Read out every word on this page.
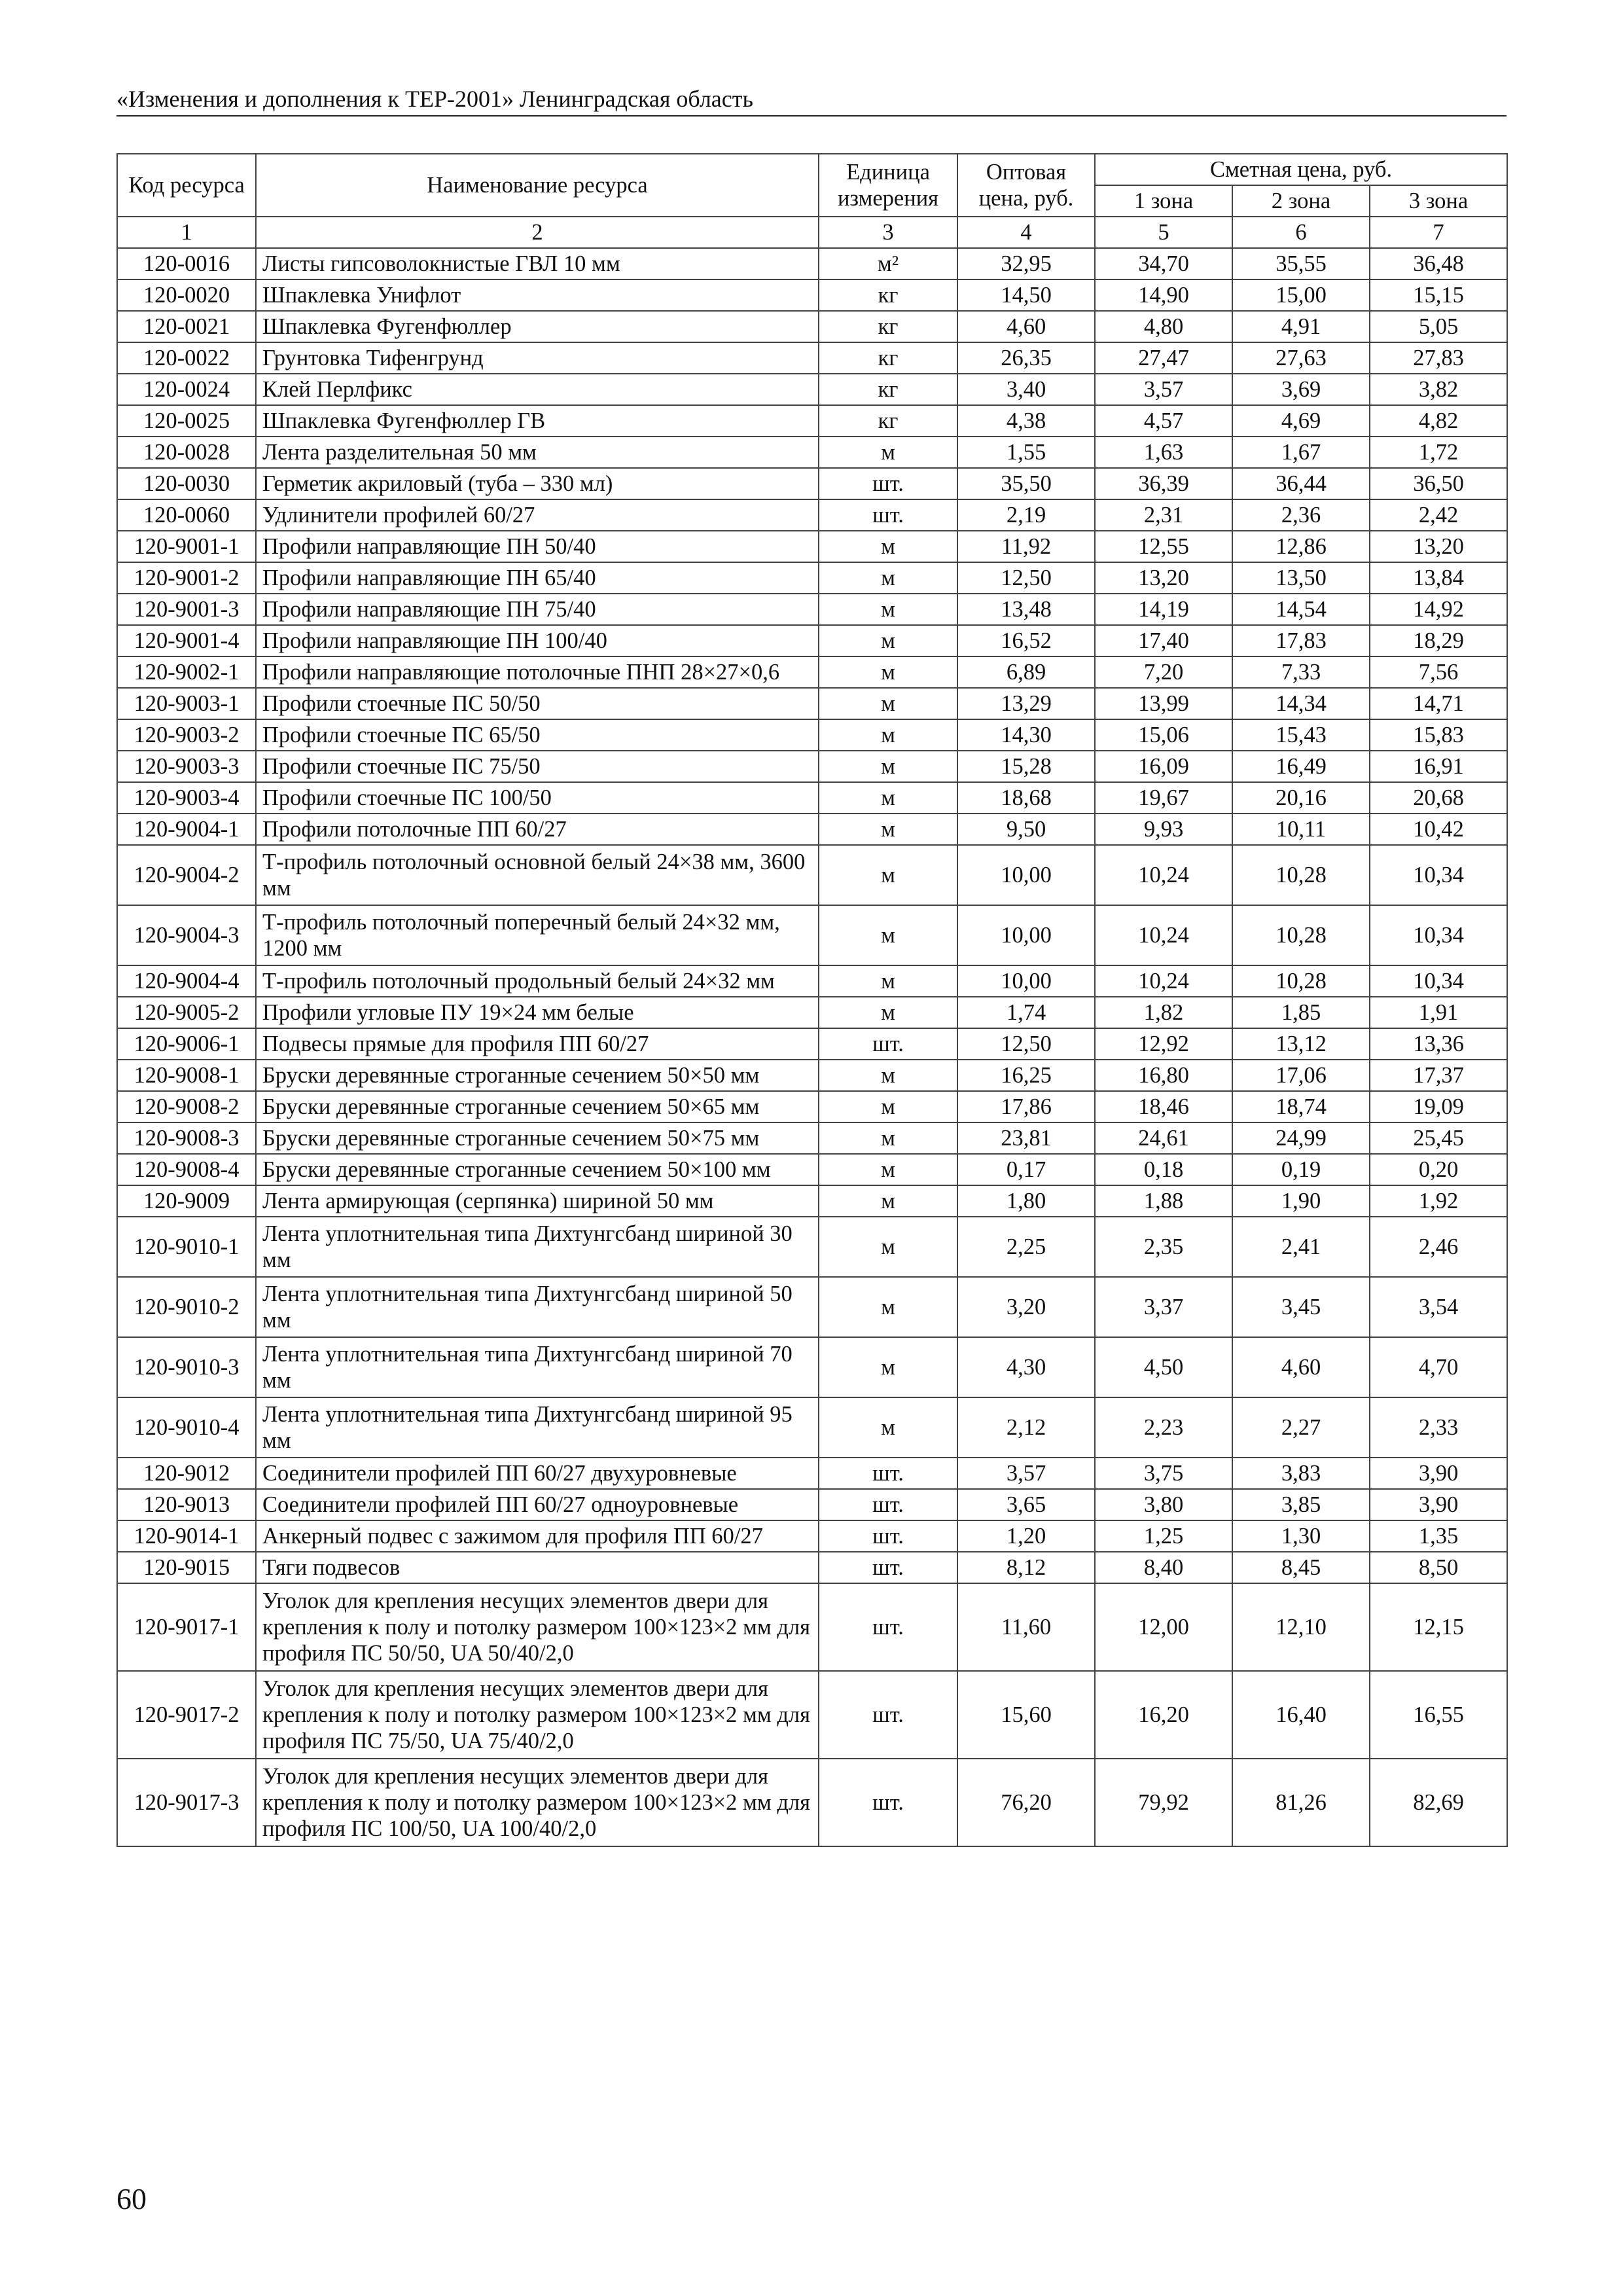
«Изменения и дополнения к ТЕР-2001» Ленинградская область
Код ресурса	Наименование ресурса	Единица измерения	Оптовая цена, руб.	Сметная цена, руб.		
				1 зона	2 зона	3 зона
1	2	3	4	5	6	7
120-0016	Листы гипсоволокнистые ГВЛ 10 мм	м²	32,95	34,70	35,55	36,48
120-0020	Шпаклевка Унифлот	кг	14,50	14,90	15,00	15,15
120-0021	Шпаклевка Фугенфюллер	кг	4,60	4,80	4,91	5,05
120-0022	Грунтовка Тифенгрунд	кг	26,35	27,47	27,63	27,83
120-0024	Клей Перлфикс	кг	3,40	3,57	3,69	3,82
120-0025	Шпаклевка Фугенфюллер ГВ	кг	4,38	4,57	4,69	4,82
120-0028	Лента разделительная 50 мм	м	1,55	1,63	1,67	1,72
120-0030	Герметик акриловый (туба – 330 мл)	шт.	35,50	36,39	36,44	36,50
120-0060	Удлинители профилей 60/27	шт.	2,19	2,31	2,36	2,42
120-9001-1	Профили направляющие ПН 50/40	м	11,92	12,55	12,86	13,20
120-9001-2	Профили направляющие ПН 65/40	м	12,50	13,20	13,50	13,84
120-9001-3	Профили направляющие ПН 75/40	м	13,48	14,19	14,54	14,92
120-9001-4	Профили направляющие ПН 100/40	м	16,52	17,40	17,83	18,29
120-9002-1	Профили направляющие потолочные ПНП 28×27×0,6	м	6,89	7,20	7,33	7,56
120-9003-1	Профили стоечные ПС 50/50	м	13,29	13,99	14,34	14,71
120-9003-2	Профили стоечные ПС 65/50	м	14,30	15,06	15,43	15,83
120-9003-3	Профили стоечные ПС 75/50	м	15,28	16,09	16,49	16,91
120-9003-4	Профили стоечные ПС 100/50	м	18,68	19,67	20,16	20,68
120-9004-1	Профили потолочные ПП 60/27	м	9,50	9,93	10,11	10,42
120-9004-2	Т-профиль потолочный основной белый 24×38 мм, 3600 мм	м	10,00	10,24	10,28	10,34
120-9004-3	Т-профиль потолочный поперечный белый 24×32 мм, 1200 мм	м	10,00	10,24	10,28	10,34
120-9004-4	Т-профиль потолочный продольный белый 24×32 мм	м	10,00	10,24	10,28	10,34
120-9005-2	Профили угловые ПУ 19×24 мм белые	м	1,74	1,82	1,85	1,91
120-9006-1	Подвесы прямые для профиля ПП 60/27	шт.	12,50	12,92	13,12	13,36
120-9008-1	Бруски деревянные строганные сечением 50×50 мм	м	16,25	16,80	17,06	17,37
120-9008-2	Бруски деревянные строганные сечением 50×65 мм	м	17,86	18,46	18,74	19,09
120-9008-3	Бруски деревянные строганные сечением 50×75 мм	м	23,81	24,61	24,99	25,45
120-9008-4	Бруски деревянные строганные сечением 50×100 мм	м	0,17	0,18	0,19	0,20
120-9009	Лента армирующая (серпянка) шириной 50 мм	м	1,80	1,88	1,90	1,92
120-9010-1	Лента уплотнительная типа Дихтунгсбанд шириной 30 мм	м	2,25	2,35	2,41	2,46
120-9010-2	Лента уплотнительная типа Дихтунгсбанд шириной 50 мм	м	3,20	3,37	3,45	3,54
120-9010-3	Лента уплотнительная типа Дихтунгсбанд шириной 70 мм	м	4,30	4,50	4,60	4,70
120-9010-4	Лента уплотнительная типа Дихтунгсбанд шириной 95 мм	м	2,12	2,23	2,27	2,33
120-9012	Соединители профилей ПП 60/27 двухуровневые	шт.	3,57	3,75	3,83	3,90
120-9013	Соединители профилей ПП 60/27 одноуровневые	шт.	3,65	3,80	3,85	3,90
120-9014-1	Анкерный подвес с зажимом для профиля ПП 60/27	шт.	1,20	1,25	1,30	1,35
120-9015	Тяги подвесов	шт.	8,12	8,40	8,45	8,50
120-9017-1	Уголок для крепления несущих элементов двери для крепления к полу и потолку размером 100×123×2 мм для профиля ПС 50/50, UA 50/40/2,0	шт.	11,60	12,00	12,10	12,15
120-9017-2	Уголок для крепления несущих элементов двери для крепления к полу и потолку размером 100×123×2 мм для профиля ПС 75/50, UA 75/40/2,0	шт.	15,60	16,20	16,40	16,55
120-9017-3	Уголок для крепления несущих элементов двери для крепления к полу и потолку размером 100×123×2 мм для профиля ПС 100/50, UA 100/40/2,0	шт.	76,20	79,92	81,26	82,69
60
